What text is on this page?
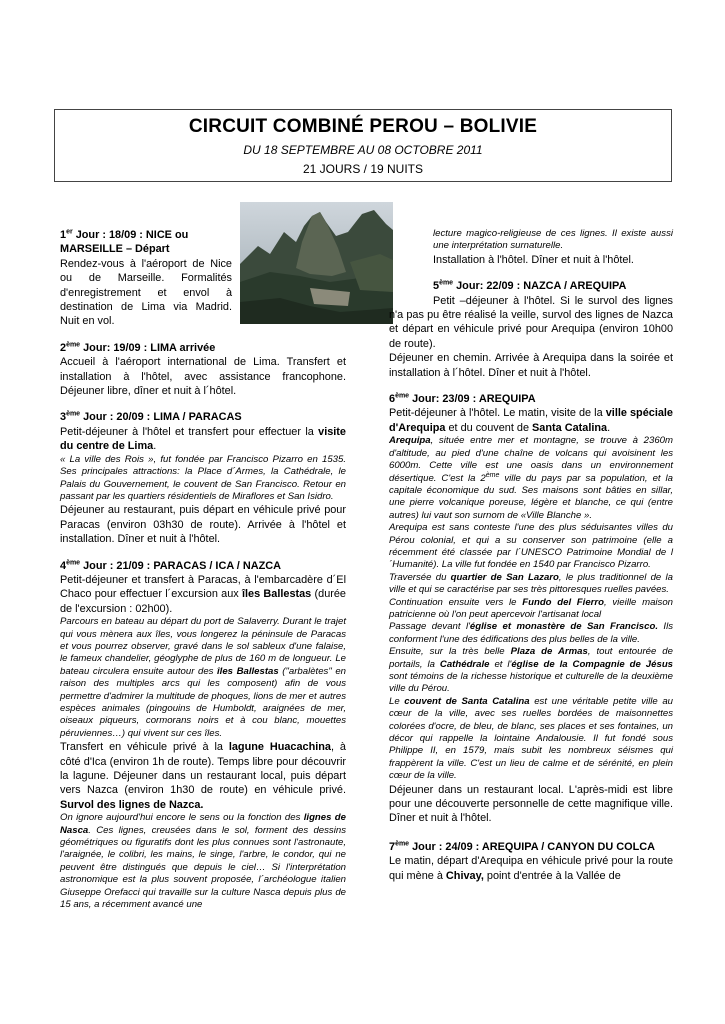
CIRCUIT COMBINÉ PEROU – BOLIVIE
DU 18 SEPTEMBRE AU 08 OCTOBRE 2011
21 JOURS / 19 NUITS
1er Jour : 18/09 : NICE ou MARSEILLE – Départ

Rendez-vous à l'aéroport de Nice ou de Marseille. Formalités d'enregistrement et envol à destination de Lima via Madrid. Nuit en vol.

2ème Jour: 19/09 : LIMA arrivée

Accueil à l'aéroport international de Lima. Transfert et installation à l'hôtel, avec assistance francophone. Déjeuner libre, dîner et nuit à l´hôtel.

3ème Jour : 20/09 : LIMA / PARACAS

Petit-déjeuner à l'hôtel et transfert pour effectuer la visite du centre de Lima.

« La ville des Rois », fut fondée par Francisco Pizarro en 1535. Ses principales attractions: la Place d´Armes, la Cathédrale, le Palais du Gouvernement, le couvent de San Francisco. Retour en passant par les quartiers résidentiels de Miraflores et San Isidro.

Déjeuner au restaurant, puis départ en véhicule privé pour Paracas (environ 03h30 de route). Arrivée à l'hôtel et installation. Dîner et nuit à l'hôtel.

4ème Jour : 21/09 : PARACAS / ICA / NAZCA

Petit-déjeuner et transfert à Paracas, à l'embarcadère d´El Chaco pour effectuer l´excursion aux îles Ballestas (durée de l'excursion : 02h00).

Parcours en bateau au départ du port de Salaverry. Durant le trajet qui vous mènera aux îles, vous longerez la péninsule de Paracas et vous pourrez observer, gravé dans le sol sableux d'une falaise, le fameux chandelier, géoglyphe de plus de 160 m de longueur. Le bateau circulera ensuite autour des îles Ballestas ("arbalètes" en raison des multiples arcs qui les composent) afin de vous permettre d'admirer la multitude de phoques, lions de mer et autres espèces animales (pingouins de Humboldt, araignées de mer, oiseaux piqueurs, cormorans noirs et à cou blanc, mouettes péruviennes…) qui vivent sur ces îles.

Transfert en véhicule privé à la lagune Huacachina, à côté d'Ica (environ 1h de route). Temps libre pour découvrir la lagune. Déjeuner dans un restaurant local, puis départ vers Nazca (environ 1h30 de route) en véhicule privé. Survol des lignes de Nazca.

On ignore aujourd'hui encore le sens ou la fonction des lignes de Nasca. Ces lignes, creusées dans le sol, forment des dessins géométriques ou figuratifs dont les plus connues sont l'astronaute, l'araignée, le colibri, les mains, le singe, l'arbre, le condor, qui ne peuvent être distingués que depuis le ciel… Si l'interprétation astronomique est la plus souvent proposée, l´archéologue italien Giuseppe Orefacci qui travaille sur la culture Nasca depuis plus de 15 ans, a récemment avancé une

lecture magico-religieuse de ces lignes. Il existe aussi une interprétation surnaturelle.

Installation à l'hôtel. Dîner et nuit à l'hôtel.

5ème Jour: 22/09 : NAZCA / AREQUIPA

Petit –déjeuner à l'hôtel. Si le survol des lignes n'a pas pu être réalisé la veille, survol des lignes de Nazca et départ en véhicule privé pour Arequipa (environ 10h00 de route).

Déjeuner en chemin. Arrivée à Arequipa dans la soirée et installation à l´hôtel. Dîner et nuit à l'hôtel.

6ème Jour: 23/09 : AREQUIPA

Petit-déjeuner à l'hôtel. Le matin, visite de la ville spéciale d'Arequipa et du couvent de Santa Catalina.

Arequipa, située entre mer et montagne, se trouve à 2360m d'altitude, au pied d'une chaîne de volcans qui avoisinent les 6000m. Cette ville est une oasis dans un environnement désertique. C'est la 2ème ville du pays par sa population, et la capitale économique du sud. Ses maisons sont bâties en sillar, une pierre volcanique poreuse, légère et blanche, ce qui (entre autres) lui vaut son surnom de «Ville Blanche ».

Arequipa est sans conteste l'une des plus séduisantes villes du Pérou colonial, et qui a su conserver son patrimoine (elle a récemment été classée par l´UNESCO Patrimoine Mondial de l´Humanité). La ville fut fondée en 1540 par Francisco Pizarro.

Traversée du quartier de San Lazaro, le plus traditionnel de la ville et qui se caractérise par ses très pittoresques ruelles pavées.

Continuation ensuite vers le Fundo del Fierro, vieille maison patricienne où l'on peut apercevoir l'artisanat local

Passage devant l'église et monastère de San Francisco. Ils conforment l'une des édifications des plus belles de la ville.

Ensuite, sur la très belle Plaza de Armas, tout entourée de portails, la Cathédrale et l'église de la Compagnie de Jésus sont témoins de la richesse historique et culturelle de la deuxième ville du Pérou.

Le couvent de Santa Catalina est une véritable petite ville au cœur de la ville, avec ses ruelles bordées de maisonnettes colorées d'ocre, de bleu, de blanc, ses places et ses fontaines, un décor qui rappelle la lointaine Andalousie. Il fut fondé sous Philippe II, en 1579, mais subit les nombreux séismes qui frappèrent la ville. C'est un lieu de calme et de sérénité, en plein cœur de la ville.

Déjeuner dans un restaurant local. L'après-midi est libre pour une découverte personnelle de cette magnifique ville. Dîner et nuit à l'hôtel.

7ème Jour : 24/09 : AREQUIPA / CANYON DU COLCA

Le matin, départ d'Arequipa en véhicule privé pour la route qui mène à Chivay, point d'entrée à la Vallée de
